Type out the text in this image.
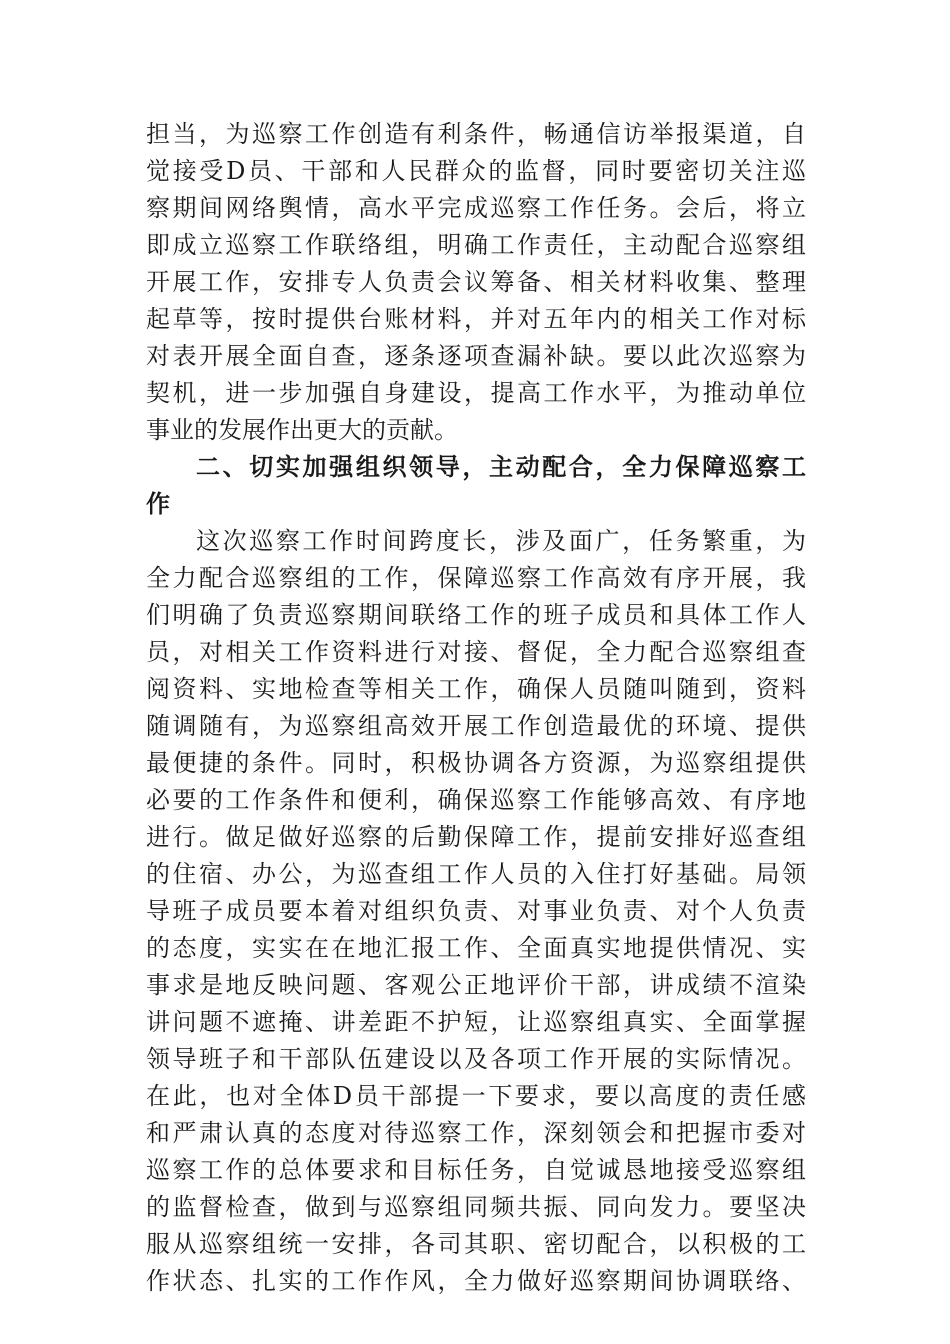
担当，为巡察工作创造有利条件，畅通信访举报渠道，自
觉接受D员、干部和人民群众的监督，同时要密切关注巡
察期间网络舆情，高水平完成巡察工作任务。会后，将立
即成立巡察工作联络组，明确工作责任，主动配合巡察组
开展工作，安排专人负责会议筹备、相关材料收集、整理
起草等，按时提供台账材料，并对五年内的相关工作对标
对表开展全面自查，逐条逐项查漏补缺。要以此次巡察为
契机，进一步加强自身建设，提高工作水平，为推动单位
事业的发展作出更大的贡献。
二、切实加强组织领导，主动配合，全力保障巡察工
作
这次巡察工作时间跨度长，涉及面广，任务繁重，为
全力配合巡察组的工作，保障巡察工作高效有序开展，我
们明确了负责巡察期间联络工作的班子成员和具体工作人
员，对相关工作资料进行对接、督促，全力配合巡察组查
阅资料、实地检查等相关工作，确保人员随叫随到，资料
随调随有，为巡察组高效开展工作创造最优的环境、提供
最便捷的条件。同时，积极协调各方资源，为巡察组提供
必要的工作条件和便利，确保巡察工作能够高效、有序地
进行。做足做好巡察的后勤保障工作，提前安排好巡查组
的住宿、办公，为巡查组工作人员的入住打好基础。局领
导班子成员要本着对组织负责、对事业负责、对个人负责
的态度，实实在在地汇报工作、全面真实地提供情况、实
事求是地反映问题、客观公正地评价干部，讲成绩不渲染
讲问题不遮掩、讲差距不护短，让巡察组真实、全面掌握
领导班子和干部队伍建设以及各项工作开展的实际情况。
在此，也对全体D员干部提一下要求，要以高度的责任感
和严肃认真的态度对待巡察工作，深刻领会和把握市委对
巡察工作的总体要求和目标任务，自觉诚恳地接受巡察组
的监督检查，做到与巡察组同频共振、同向发力。要坚决
服从巡察组统一安排，各司其职、密切配合，以积极的工
作状态、扎实的工作作风，全力做好巡察期间协调联络、
